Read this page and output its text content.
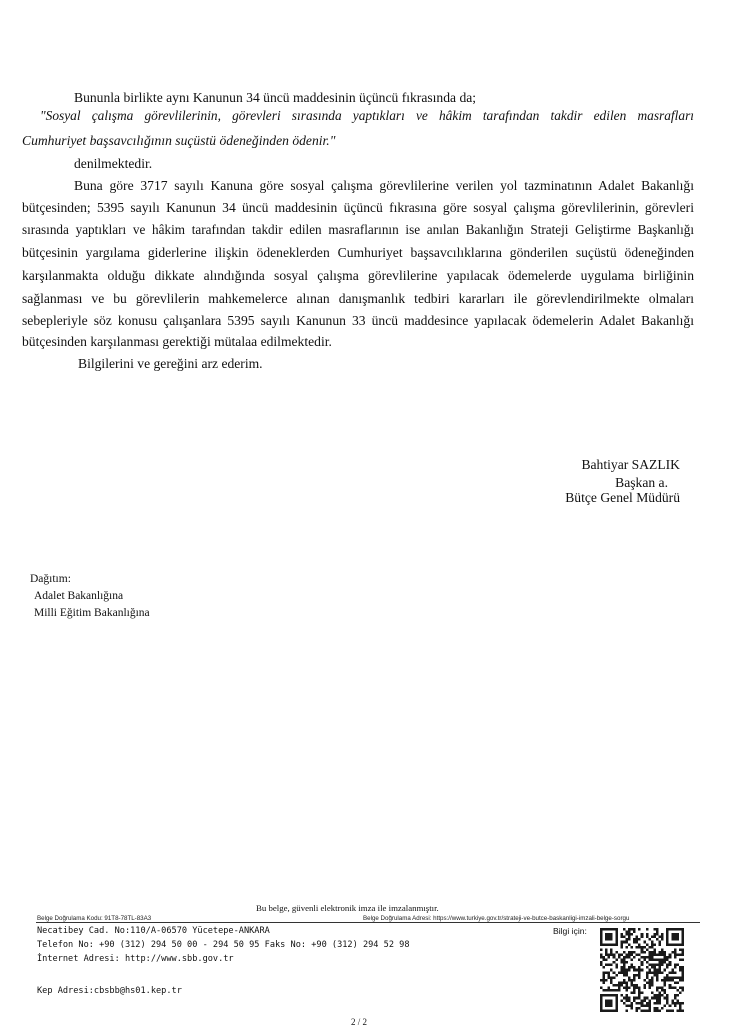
Bununla birlikte aynı Kanunun 34 üncü maddesinin üçüncü fıkrasında da;
"Sosyal çalışma görevlilerinin, görevleri sırasında yaptıkları ve hâkim tarafından takdir edilen masrafları
Cumhuriyet başsavcılığının suçüstü ödeneğinden ödenir."
denilmektedir.
Buna göre 3717 sayılı Kanuna göre sosyal çalışma görevlilerine verilen yol tazminatının Adalet Bakanlığı
bütçesinden; 5395 sayılı Kanunun 34 üncü maddesinin üçüncü fıkrasına göre sosyal çalışma görevlilerinin, görevleri
sırasında yaptıkları ve hâkim tarafından takdir edilen masraflarının ise anılan Bakanlığın Strateji Geliştirme Başkanlığı
bütçesinin yargılama giderlerine ilişkin ödeneklerden Cumhuriyet başsavcılıklarına gönderilen suçüstü ödeneğinden
karşılanmakta olduğu dikkate alındığında sosyal çalışma görevlilerine yapılacak ödemelerde uygulama birliğinin
sağlanması ve bu görevlilerin mahkemelerce alınan danışmanlık tedbiri kararları ile görevlendirilmekte olmaları
sebepleriyle söz konusu çalışanlara 5395 sayılı Kanunun 33 üncü maddesince yapılacak ödemelerin Adalet Bakanlığı
bütçesinden karşılanması gerektiği mütalaa edilmektedir.
Bilgilerini ve gereğini arz ederim.
Bahtiyar SAZLIK
Başkan a.
Bütçe Genel Müdürü
Dağıtım:
Adalet Bakanlığına
Milli Eğitim Bakanlığına
Bu belge, güvenli elektronik imza ile imzalanmıştır.
Belge Doğrulama Kodu: 91T8-78TL-83A3	Belge Doğrulama Adresi: https://www.turkiye.gov.tr/strateji-ve-butce-baskanligi-imzali-belge-sorgu
Necatibey Cad. No:110/A-06570 Yücetepe-ANKARA	Bilgi için:
Telefon No: +90 (312) 294 50 00 - 294 50 95 Faks No: +90 (312) 294 52 98
İnternet Adresi: http://www.sbb.gov.tr
Kep Adresi:cbsbb@hs01.kep.tr
2 / 2
